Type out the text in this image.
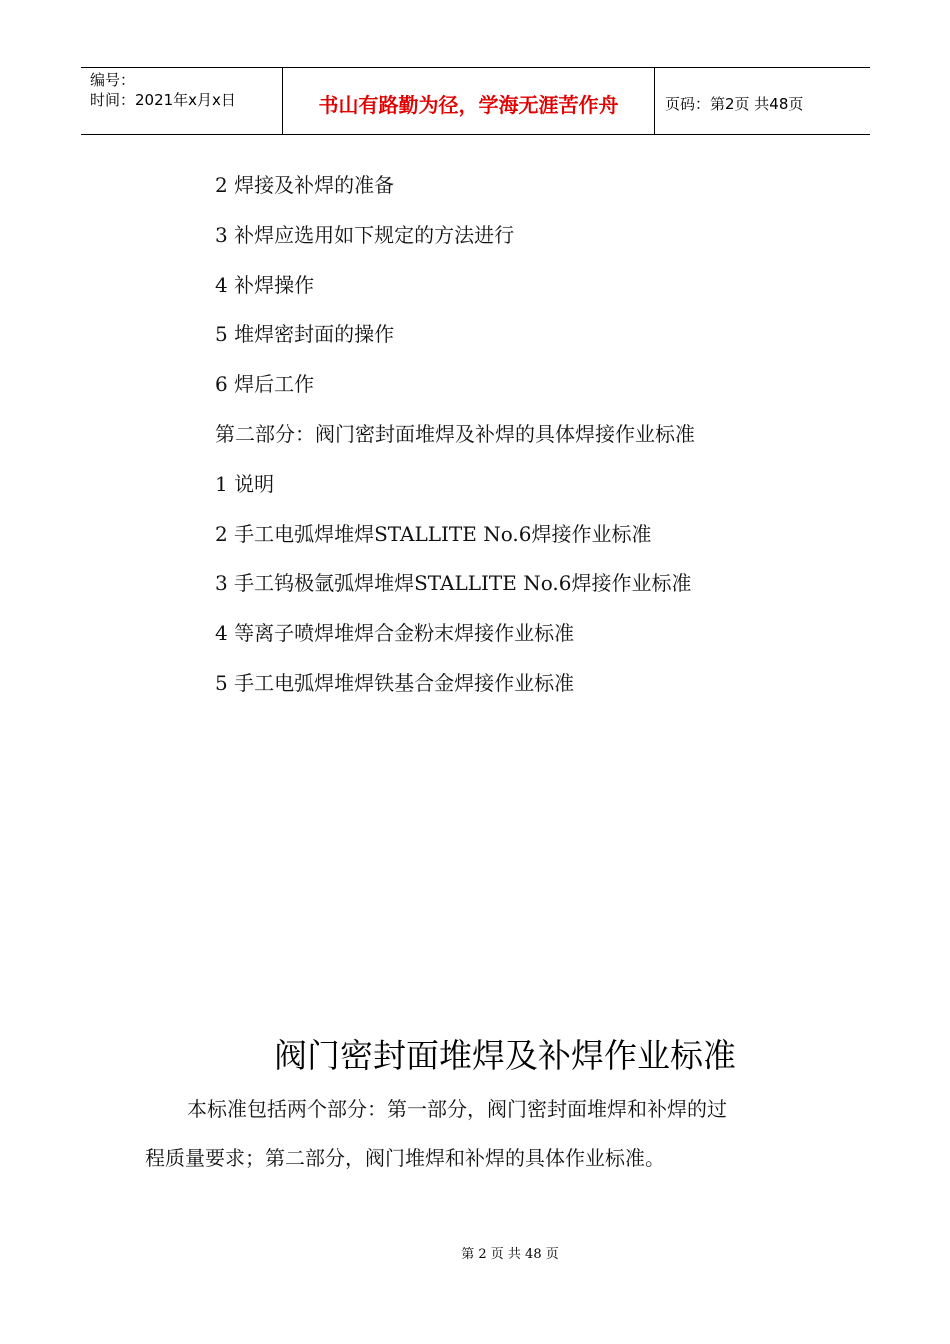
编号：
时间：2021年x月x日	书山有路勤为径，学海无涯苦作舟	页码：第2页 共48页
2 焊接及补焊的准备
3 补焊应选用如下规定的方法进行
4 补焊操作
5 堆焊密封面的操作
6 焊后工作
第二部分：阀门密封面堆焊及补焊的具体焊接作业标准
1 说明
2 手工电弧焊堆焊STALLITE No.6焊接作业标准
3 手工钨极氩弧焊堆焊STALLITE No.6焊接作业标准
4 等离子喷焊堆焊合金粉末焊接作业标准
5 手工电弧焊堆焊铁基合金焊接作业标准
阀门密封面堆焊及补焊作业标准
本标准包括两个部分：第一部分，阀门密封面堆焊和补焊的过
程质量要求；第二部分，阀门堆焊和补焊的具体作业标准。
第 2 页 共 48 页
